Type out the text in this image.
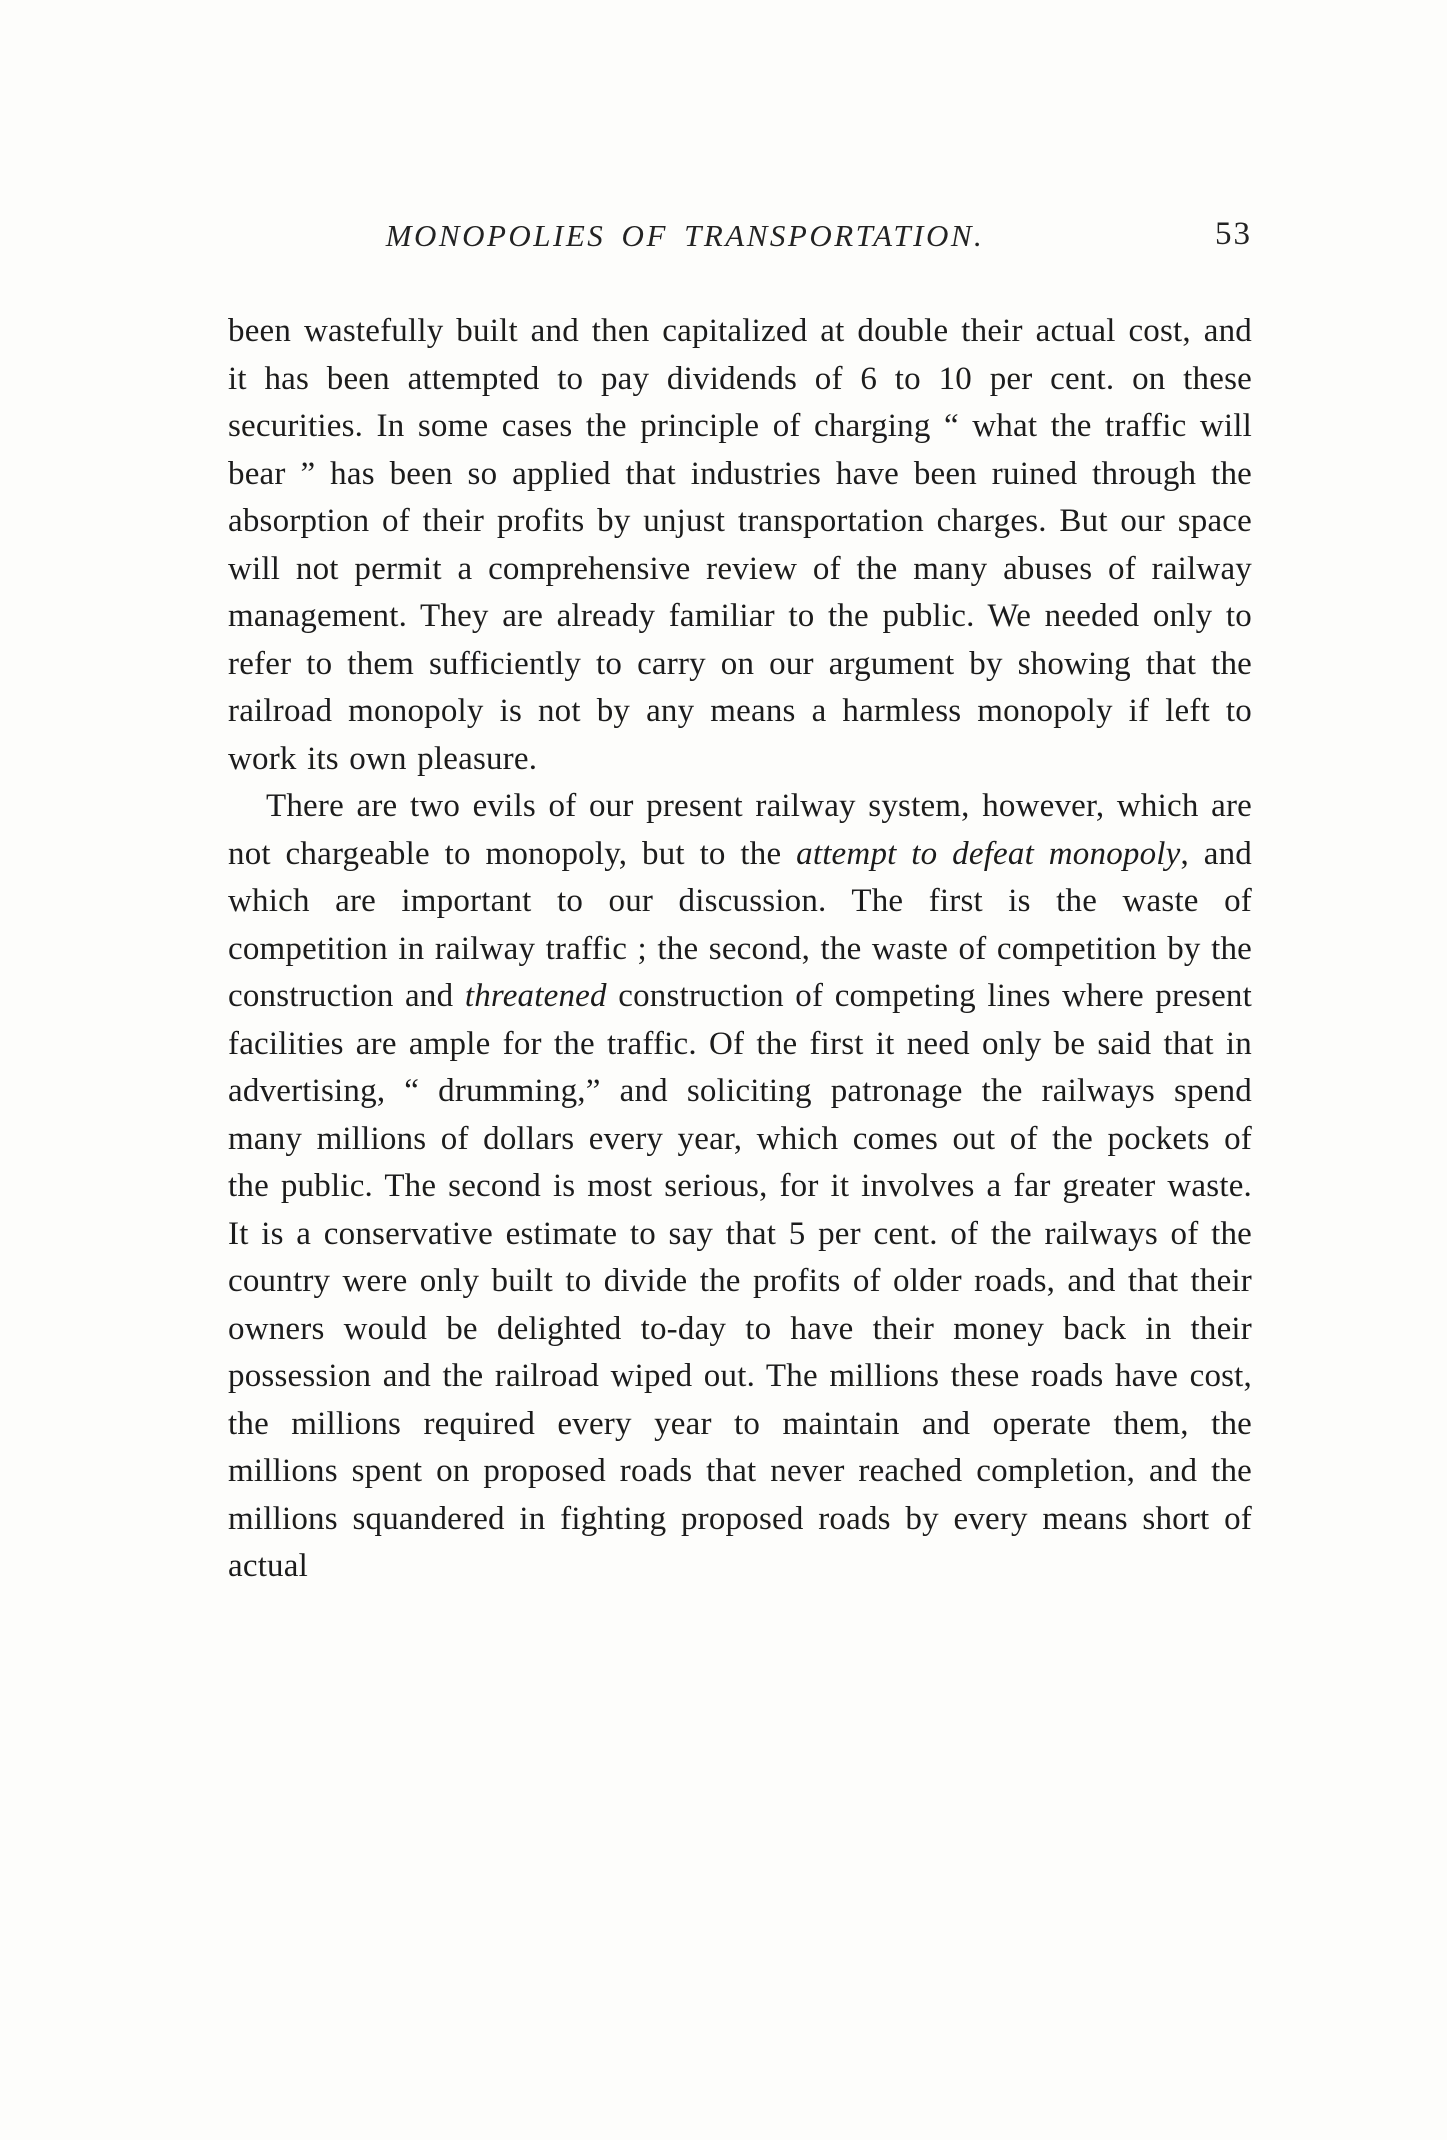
MONOPOLIES OF TRANSPORTATION.	53

been wastefully built and then capitalized at double their actual cost, and it has been attempted to pay dividends of 6 to 10 per cent. on these securities. In some cases the principle of charging “ what the traffic will bear ” has been so applied that industries have been ruined through the absorption of their profits by unjust transportation charges. But our space will not permit a comprehensive review of the many abuses of railway management. They are already familiar to the public. We needed only to refer to them sufficiently to carry on our argument by showing that the railroad monopoly is not by any means a harmless monopoly if left to work its own pleasure.

There are two evils of our present railway system, however, which are not chargeable to monopoly, but to the attempt to defeat monopoly, and which are important to our discussion. The first is the waste of competition in railway traffic ; the second, the waste of competition by the construction and threatened construction of competing lines where present facilities are ample for the traffic. Of the first it need only be said that in advertising, “ drumming,” and soliciting patronage the railways spend many millions of dollars every year, which comes out of the pockets of the public. The second is most serious, for it involves a far greater waste. It is a conservative estimate to say that 5 per cent. of the railways of the country were only built to divide the profits of older roads, and that their owners would be delighted to-day to have their money back in their possession and the railroad wiped out. The millions these roads have cost, the millions required every year to maintain and operate them, the millions spent on proposed roads that never reached completion, and the millions squandered in fighting proposed roads by every means short of actual
